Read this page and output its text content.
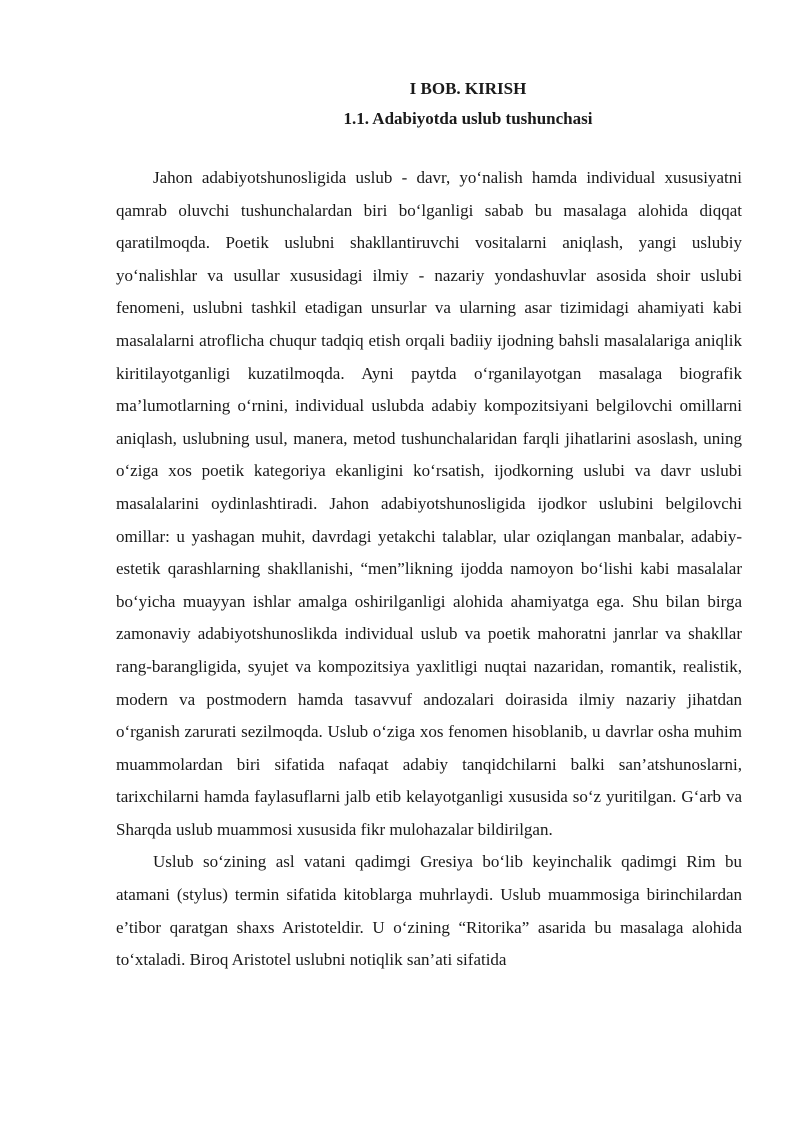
I BOB. KIRISH
1.1. Adabiyotda uslub tushunchasi

Jahon adabiyotshunosligida uslub - davr, yo‘nalish hamda individual xususiyatni qamrab oluvchi tushunchalardan biri bo‘lganligi sabab bu masalaga alohida diqqat qaratilmoqda. Poetik uslubni shakllantiruvchi vositalarni aniqlash, yangi uslubiy yo‘nalishlar va usullar xususidagi ilmiy - nazariy yondashuvlar asosida shoir uslubi fenomeni, uslubni tashkil etadigan unsurlar va ularning asar tizimidagi ahamiyati kabi masalalarni atroflicha chuqur tadqiq etish orqali badiiy ijodning bahsli masalalariga aniqlik kiritilayotganligi kuzatilmoqda. Ayni paytda o‘rganilayotgan masalaga biografik ma’lumotlarning o‘rnini, individual uslubda adabiy kompozitsiyani belgilovchi omillarni aniqlash, uslubning usul, manera, metod tushunchalaridan farqli jihatlarini asoslash, uning o‘ziga xos poetik kategoriya ekanligini ko‘rsatish, ijodkorning uslubi va davr uslubi masalalarini oydinlashtiradi. Jahon adabiyotshunosligida ijodkor uslubini belgilovchi omillar: u yashagan muhit, davrdagi yetakchi talablar, ular oziqlangan manbalar, adabiy-estetik qarashlarning shakllanishi, “men”likning ijodda namoyon bo‘lishi kabi masalalar bo‘yicha muayyan ishlar amalga oshirilganligi alohida ahamiyatga ega. Shu bilan birga zamonaviy adabiyotshunoslikda individual uslub va poetik mahoratni janrlar va shakllar rang-barangligida, syujet va kompozitsiya yaxlitligi nuqtai nazaridan, romantik, realistik, modern va postmodern hamda tasavvuf andozalari doirasida ilmiy nazariy jihatdan o‘rganish zarurati sezilmoqda. Uslub o‘ziga xos fenomen hisoblanib, u davrlar osha muhim muammolardan biri sifatida nafaqat adabiy tanqidchilarni balki san’atshunoslarni, tarixchilarni hamda faylasuflarni jalb etib kelayotganligi xususida so‘z yuritilgan. G‘arb va Sharqda uslub muammosi xususida fikr mulohazalar bildirilgan.

Uslub so‘zining asl vatani qadimgi Gresiya bo‘lib keyinchalik qadimgi Rim bu atamani (stylus) termin sifatida kitoblarga muhrlaydi. Uslub muammosiga birinchilardan e’tibor qaratgan shaxs Aristoteldir. U o‘zining “Ritorika” asarida bu masalaga alohida to‘xtaladi. Biroq Aristotel uslubni notiqlik san’ati sifatida
